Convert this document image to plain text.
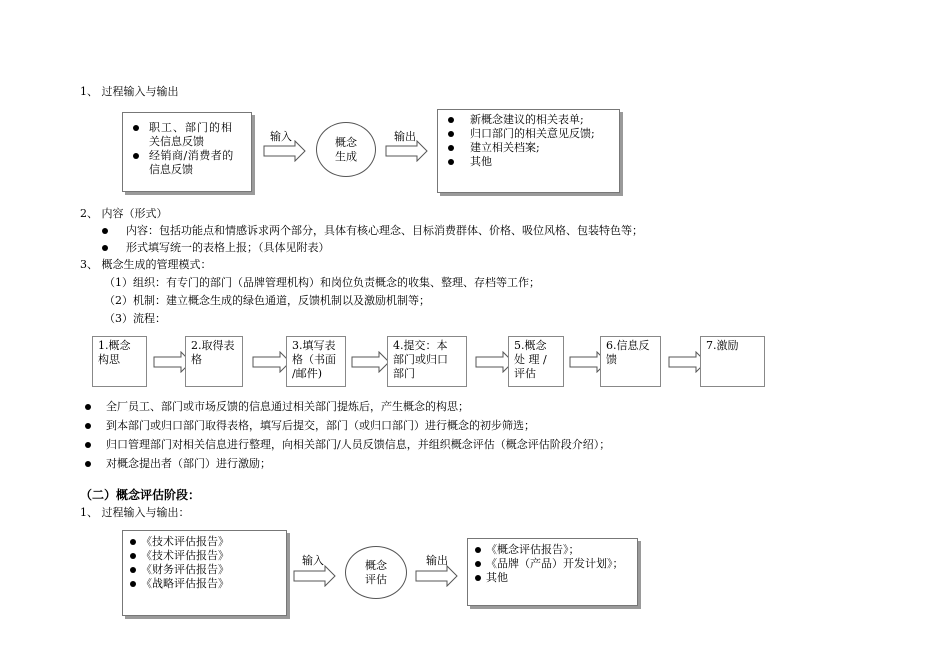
1、 过程输入与输出
职工、部门的相
关信息反馈
经销商/消费者的
信息反馈
输入	概念
生成
输出
新概念建议的相关表单;
归口部门的相关意见反馈;
建立相关档案;
其他
2、 内容（形式）
内容：包括功能点和情感诉求两个部分，具体有核心理念、目标消费群体、价格、吸位风格、包装特色等；
形式填写统一的表格上报；（具体见附表）
3、 概念生成的管理模式：
（1）组织：有专门的部门（品牌管理机构）和岗位负责概念的收集、整理、存档等工作；
（2）机制：建立概念生成的绿色通道，反馈机制以及激励机制等；
（3）流程：
1.概念
构思
2.取得表
格
3.填写表
格（书面
/邮件)
4.提交：本
部门或归口
部门
5.概念
处 理 /
评估
6.信息反
馈
7.激励
全厂员工、部门或市场反馈的信息通过相关部门提炼后，产生概念的构思；
到本部门或归口部门取得表格，填写后提交，部门（或归口部门）进行概念的初步筛选；
归口管理部门对相关信息进行整理，向相关部门/人员反馈信息，并组织概念评估（概念评估阶段介绍）；
对概念提出者（部门）进行激励；
（二）概念评估阶段：
1、 过程输入与输出：
《技术评估报告》
《技术评估报告》
《财务评估报告》
《战略评估报告》
输入	概念
评估
输出
《概念评估报告》；
《品牌（产品）开发计划》；
其他
